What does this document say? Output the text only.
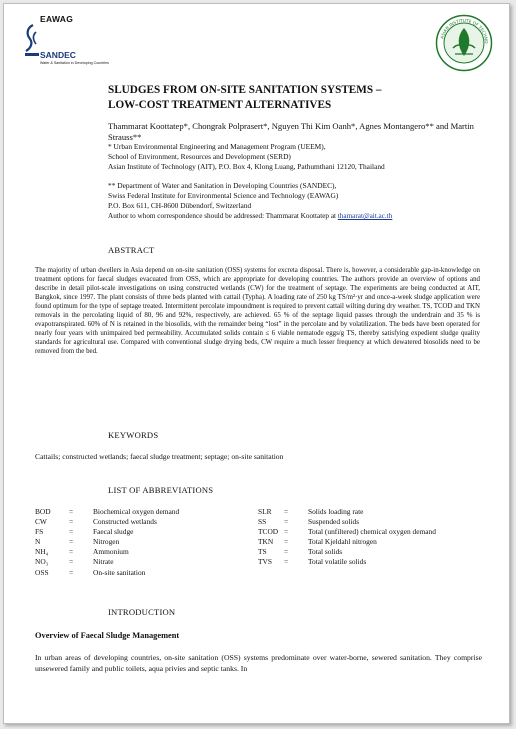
EAWAG
SANDEC
Water & Sanitation in Developing Countries
ASIAN INSTITUTE OF TECHNO
SLUDGES FROM ON-SITE SANITATION SYSTEMS –
LOW-COST TREATMENT ALTERNATIVES
Thammarat Koottatep*, Chongrak Polprasert*, Nguyen Thi Kim Oanh*, Agnes Montangero** and Martin Strauss**
* Urban Environmental Engineering and Management Program (UEEM),
School of Environment, Resources and Development (SERD)
Asian Institute of Technology (AIT), P.O. Box 4, Klong Luang, Pathumthani 12120, Thailand
** Department of Water and Sanitation in Developing Countries (SANDEC),
Swiss Federal Institute for Environmental Science and Technology (EAWAG)
P.O. Box 611, CH-8600 Dübendorf, Switzerland
Author to whom correspondence should be addressed: Thammarat Koottatep at thamarat@ait.ac.th
ABSTRACT
The majority of urban dwellers in Asia depend on on-site sanitation (OSS) systems for excreta disposal. There is, however, a considerable gap-in-knowledge on treatment options for faecal sludges evacuated from OSS, which are appropriate for developing countries. The authors provide an overview of options and describe in detail pilot-scale investigations on using constructed wetlands (CW) for the treatment of septage. The experiments are being conducted at AIT, Bangkok, since 1997. The plant consists of three beds planted with cattail (Typha). A loading rate of 250 kg TS/m²·yr and once-a-week sludge application were found optimum for the type of septage treated. Intermittent percolate impoundment is required to prevent cattail wilting during dry weather. TS, TCOD and TKN removals in the percolating liquid of 80, 96 and 92%, respectively, are achieved. 65 % of the septage liquid passes through the underdrain and 35 % is evapotranspirated. 60% of N is retained in the biosolids, with the remainder being “lost” in the percolate and by volatilization. The beds have been operated for nearly four years with unimpaired bed permeability. Accumulated solids contain ≤ 6 viable nematode eggs/g TS, thereby satisfying expedient sludge quality standards for agricultural use. Compared with conventional sludge drying beds, CW require a much lesser frequency at which dewatered biosolids need to be removed from the bed.
KEYWORDS
Cattails; constructed wetlands; faecal sludge treatment; septage; on-site sanitation
LIST OF ABBREVIATIONS
BOD	=	Biochemical oxygen demand
CW	=	Constructed wetlands
FS	=	Faecal sludge
N	=	Nitrogen
NH₄	=	Ammonium
NO₃	=	Nitrate
OSS	=	On-site sanitation
SLR	=	Solids loading rate
SS	=	Suspended solids
TCOD =	Total (unfiltered) chemical oxygen demand
TKN	=	Total Kjeldahl nitrogen
TS	=	Total solids
TVS	=	Total volatile solids
INTRODUCTION
Overview of Faecal Sludge Management
In urban areas of developing countries, on-site sanitation (OSS) systems predominate over water-borne, sewered sanitation. They comprise unsewered family and public toilets, aqua privies and septic tanks. In
